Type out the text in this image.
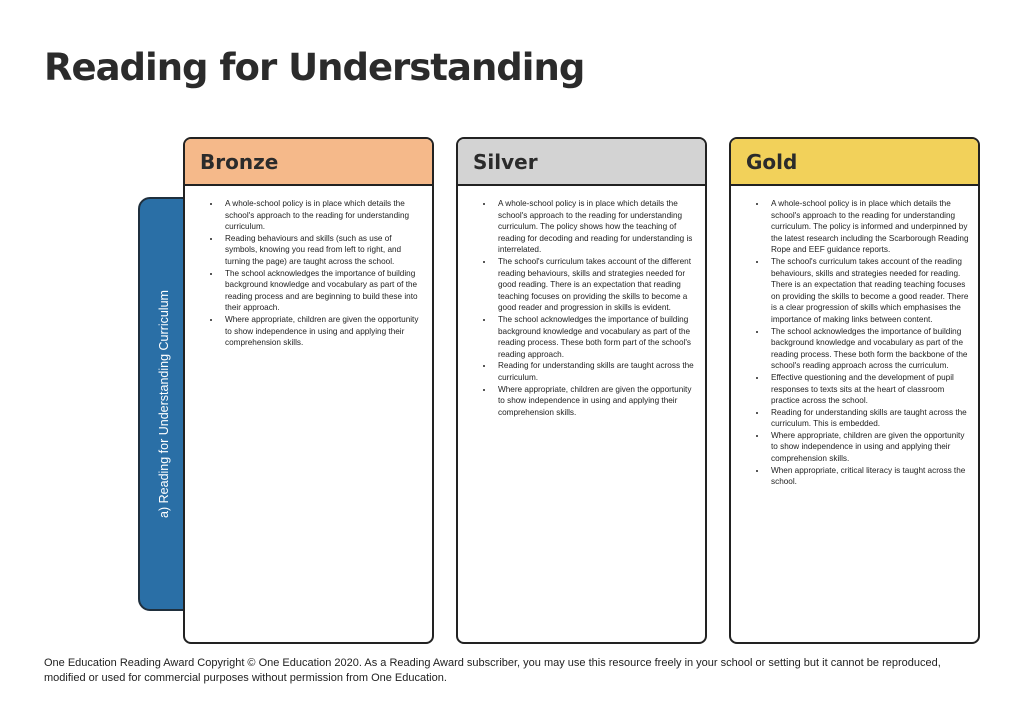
Reading for Understanding
a) Reading for Understanding Curriculum
Bronze
• A whole-school policy is in place which details the school's approach to the reading for understanding curriculum.
• Reading behaviours and skills (such as use of symbols, knowing you read from left to right, and turning the page) are taught across the school.
• The school acknowledges the importance of building background knowledge and vocabulary as part of the reading process and are beginning to build these into their approach.
• Where appropriate, children are given the opportunity to show independence in using and applying their comprehension skills.
Silver
• A whole-school policy is in place which details the school's approach to the reading for understanding curriculum. The policy shows how the teaching of reading for decoding and reading for understanding is interrelated.
• The school's curriculum takes account of the different reading behaviours, skills and strategies needed for good reading. There is an expectation that reading teaching focuses on providing the skills to become a good reader and progression in skills is evident.
• The school acknowledges the importance of building background knowledge and vocabulary as part of the reading process. These both form part of the school's reading approach.
• Reading for understanding skills are taught across the curriculum.
• Where appropriate, children are given the opportunity to show independence in using and applying their comprehension skills.
Gold
• A whole-school policy is in place which details the school's approach to the reading for understanding curriculum. The policy is informed and underpinned by the latest research including the Scarborough Reading Rope and EEF guidance reports.
• The school's curriculum takes account of the reading behaviours, skills and strategies needed for reading. There is an expectation that reading teaching focuses on providing the skills to become a good reader. There is a clear progression of skills which emphasises the importance of making links between content.
• The school acknowledges the importance of building background knowledge and vocabulary as part of the reading process. These both form the backbone of the school's reading approach across the curriculum.
• Effective questioning and the development of pupil responses to texts sits at the heart of classroom practice across the school.
• Reading for understanding skills are taught across the curriculum. This is embedded.
• Where appropriate, children are given the opportunity to show independence in using and applying their comprehension skills.
• When appropriate, critical literacy is taught across the school.

One Education Reading Award Copyright © One Education 2020. As a Reading Award subscriber, you may use this resource freely in your school or setting but it cannot be reproduced, modified or used for commercial purposes without permission from One Education.
